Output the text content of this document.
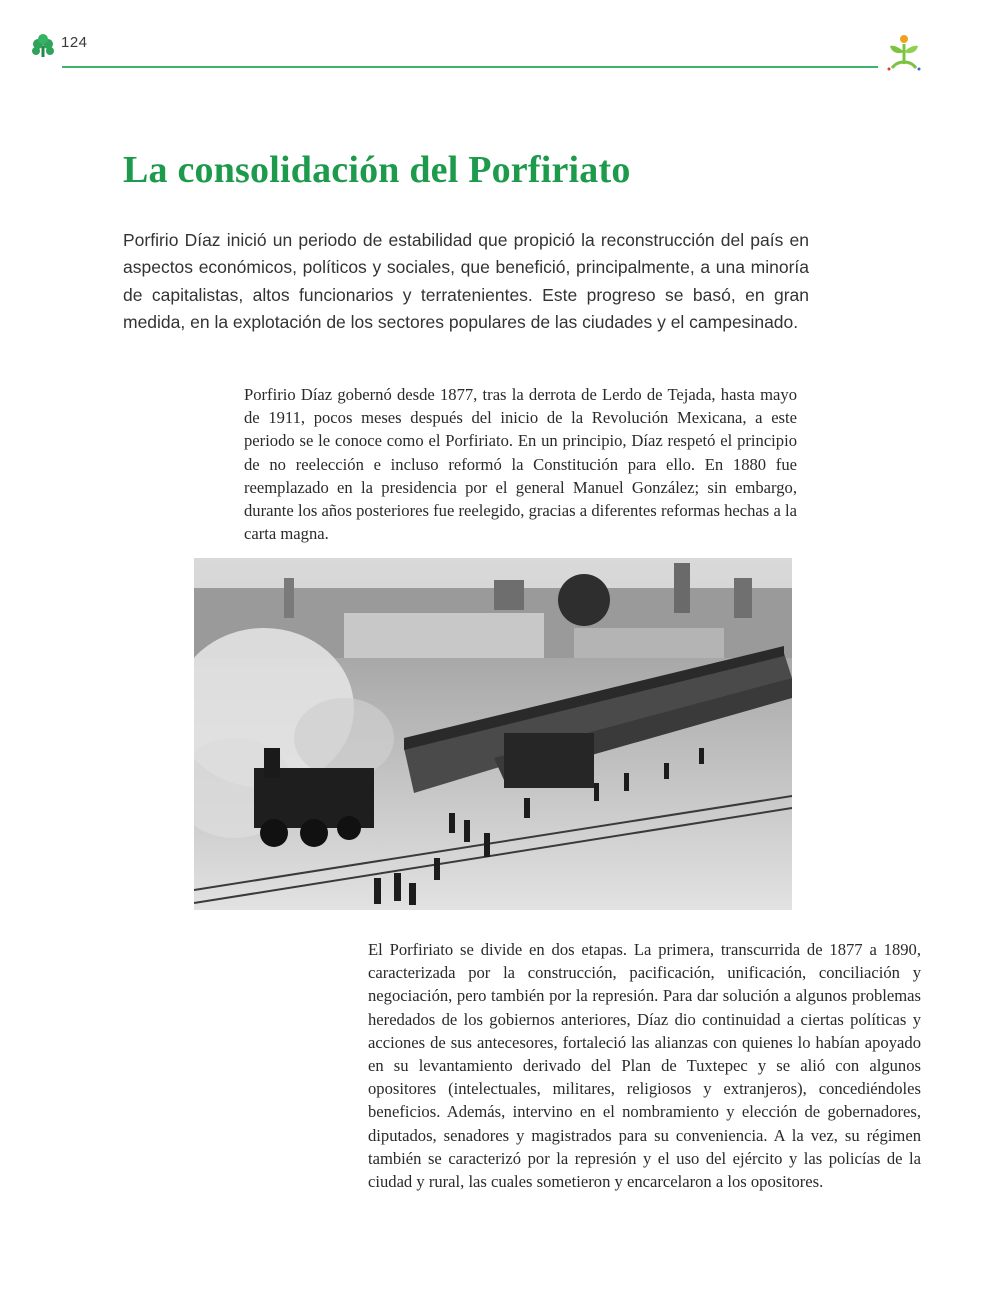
124
La consolidación del Porfiriato

Porfirio Díaz inició un periodo de estabilidad que propició la reconstrucción del país en aspectos económicos, políticos y sociales, que benefició, principalmente, a una minoría de capitalistas, altos funcionarios y terratenientes. Este progreso se basó, en gran medida, en la explotación de los sectores populares de las ciudades y el campesinado.

Porfirio Díaz gobernó desde 1877, tras la derrota de Lerdo de Tejada, hasta mayo de 1911, pocos meses después del inicio de la Revolución Mexicana, a este periodo se le conoce como el Porfiriato. En un principio, Díaz respetó el principio de no reelección e incluso reformó la Constitución para ello. En 1880 fue reemplazado en la presidencia por el general Manuel González; sin embargo, durante los años posteriores fue reelegido, gracias a diferentes reformas hechas a la carta magna.

El Porfiriato se divide en dos etapas. La primera, transcurrida de 1877 a 1890, caracterizada por la construcción, pacificación, unificación, conciliación y negociación, pero también por la represión. Para dar solución a algunos problemas heredados de los gobiernos anteriores, Díaz dio continuidad a ciertas políticas y acciones de sus antecesores, fortaleció las alianzas con quienes lo habían apoyado en su levantamiento derivado del Plan de Tuxtepec y se alió con algunos opositores (intelectuales, militares, religiosos y extranjeros), concediéndoles beneficios. Además, intervino en el nombramiento y elección de gobernadores, diputados, senadores y magistrados para su conveniencia. A la vez, su régimen también se caracterizó por la represión y el uso del ejército y las policías de la ciudad y rural, las cuales sometieron y encarcelaron a los opositores.
